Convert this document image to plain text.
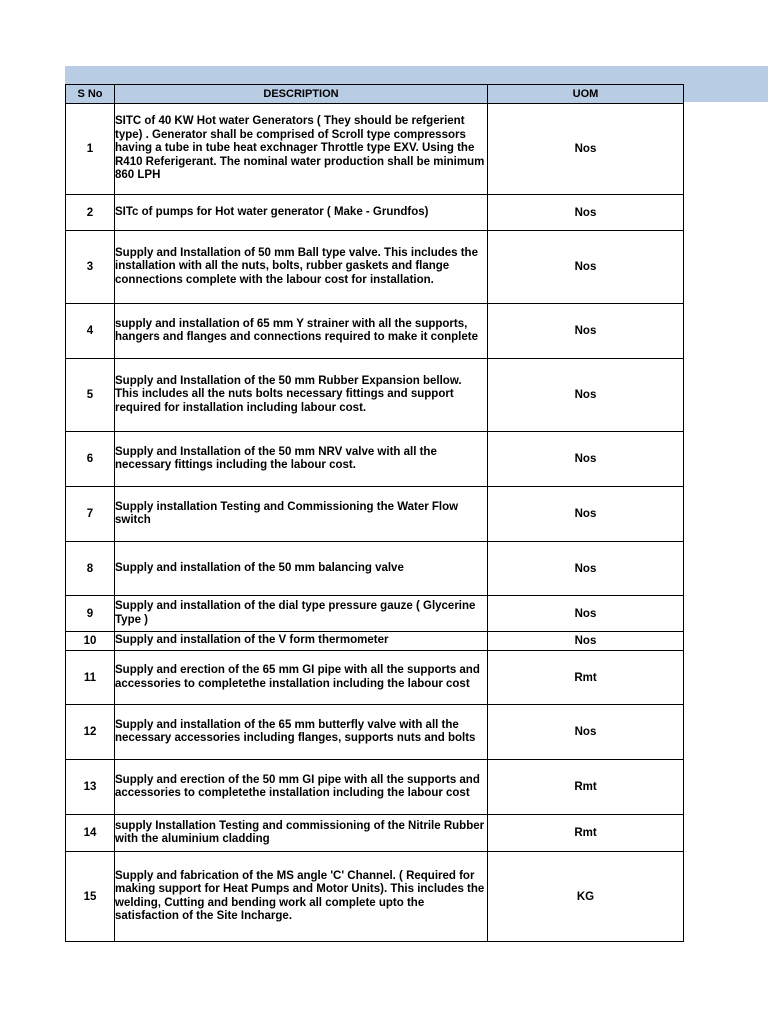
S No	DESCRIPTION	UOM
1	SITC of 40 KW Hot water Generators ( They should be refgerient type) . Generator shall be comprised of Scroll type compressors having a tube in tube heat exchnager Throttle type EXV. Using the R410 Referigerant. The nominal water production shall be minimum 860 LPH	Nos
2	SITc of pumps for Hot water generator ( Make - Grundfos)	Nos
3	Supply and Installation of 50 mm Ball type valve. This includes the installation with all the nuts, bolts, rubber gaskets and flange connections complete with the labour cost for installation.	Nos
4	supply and installation of 65 mm Y strainer with all the supports, hangers and flanges and connections required to make it conplete	Nos
5	Supply and Installation of the 50 mm Rubber Expansion bellow. This includes all the nuts bolts necessary fittings and support required for installation including labour cost.	Nos
6	Supply and Installation of the 50 mm NRV valve with all the necessary fittings including the labour cost.	Nos
7	Supply installation Testing and Commissioning the Water Flow switch	Nos
8	Supply and installation of the 50 mm balancing valve	Nos
9	Supply and installation of the dial type pressure gauze ( Glycerine Type )	Nos
10	Supply and installation of the V form thermometer	Nos
11	Supply and erection of the 65 mm GI pipe with all the supports and accessories to completethe installation including the labour cost	Rmt
12	Supply and installation of the 65 mm butterfly valve with all the necessary accessories including flanges, supports nuts and bolts	Nos
13	Supply and erection of the 50 mm GI pipe with all the supports and accessories to completethe installation including the labour cost	Rmt
14	supply Installation Testing and commissioning of the Nitrile Rubber with the aluminium cladding	Rmt
15	Supply and fabrication of the MS angle 'C' Channel. ( Required for making support for Heat Pumps and Motor Units). This includes the welding, Cutting and bending work all complete upto the satisfaction of the Site Incharge.	KG
